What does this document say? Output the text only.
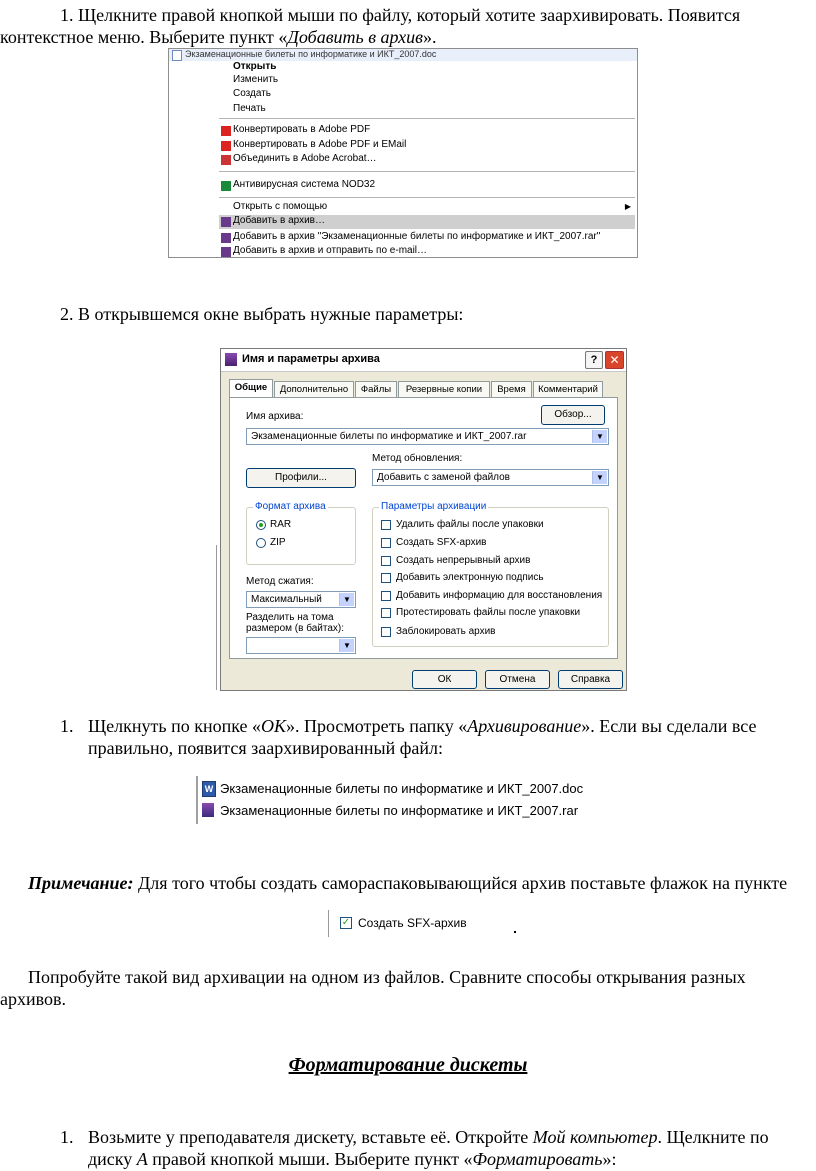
1. Щелкните правой кнопкой мыши по файлу, который хотите заархивировать. Появится контекстное меню. Выберите пункт «Добавить в архив».
Экзаменационные билеты по информатике и ИКТ_2007.doc
Открыть
Изменить
Создать
Печать
Конвертировать в Adobe PDF
Конвертировать в Adobe PDF и EMail
Объединить в Adobe Acrobat…
Антивирусная система NOD32
Открыть с помощью	▶
Добавить в архив…
Добавить в архив "Экзаменационные билеты по информатике и ИКТ_2007.rar"
Добавить в архив и отправить по e-mail…
2. В открывшемся окне выбрать нужные параметры:
Имя и параметры архива	?	✕
Общие	Дополнительно	Файлы	Резервные копии	Время	Комментарий
Имя архива:	Обзор...
Экзаменационные билеты по информатике и ИКТ_2007.rar	▼
Метод обновления:
Профили...	Добавить с заменой файлов	▼
Формат архива
RAR
ZIP
Параметры архивации
Удалить файлы после упаковки
Создать SFX-архив
Создать непрерывный архив
Добавить электронную подпись
Добавить информацию для восстановления
Протестировать файлы после упаковки
Заблокировать архив
Метод сжатия:
Максимальный	▼
Разделить на тома размером (в байтах):
▼
ОК	Отмена	Справка
1. Щелкнуть по кнопке «ОК». Просмотреть папку «Архивирование». Если вы сделали все правильно, появится заархивированный файл:
W Экзаменационные билеты по информатике и ИКТ_2007.doc
Экзаменационные билеты по информатике и ИКТ_2007.rar
Примечание: Для того чтобы создать самораспаковывающийся архив поставьте флажок на пункте
✓ Создать SFX-архив
Попробуйте такой вид архивации на одном из файлов. Сравните способы открывания разных архивов.
Форматирование дискеты
1. Возьмите у преподавателя дискету, вставьте её. Откройте Мой компьютер. Щелкните по диску А правой кнопкой мыши. Выберите пункт «Форматировать»:
